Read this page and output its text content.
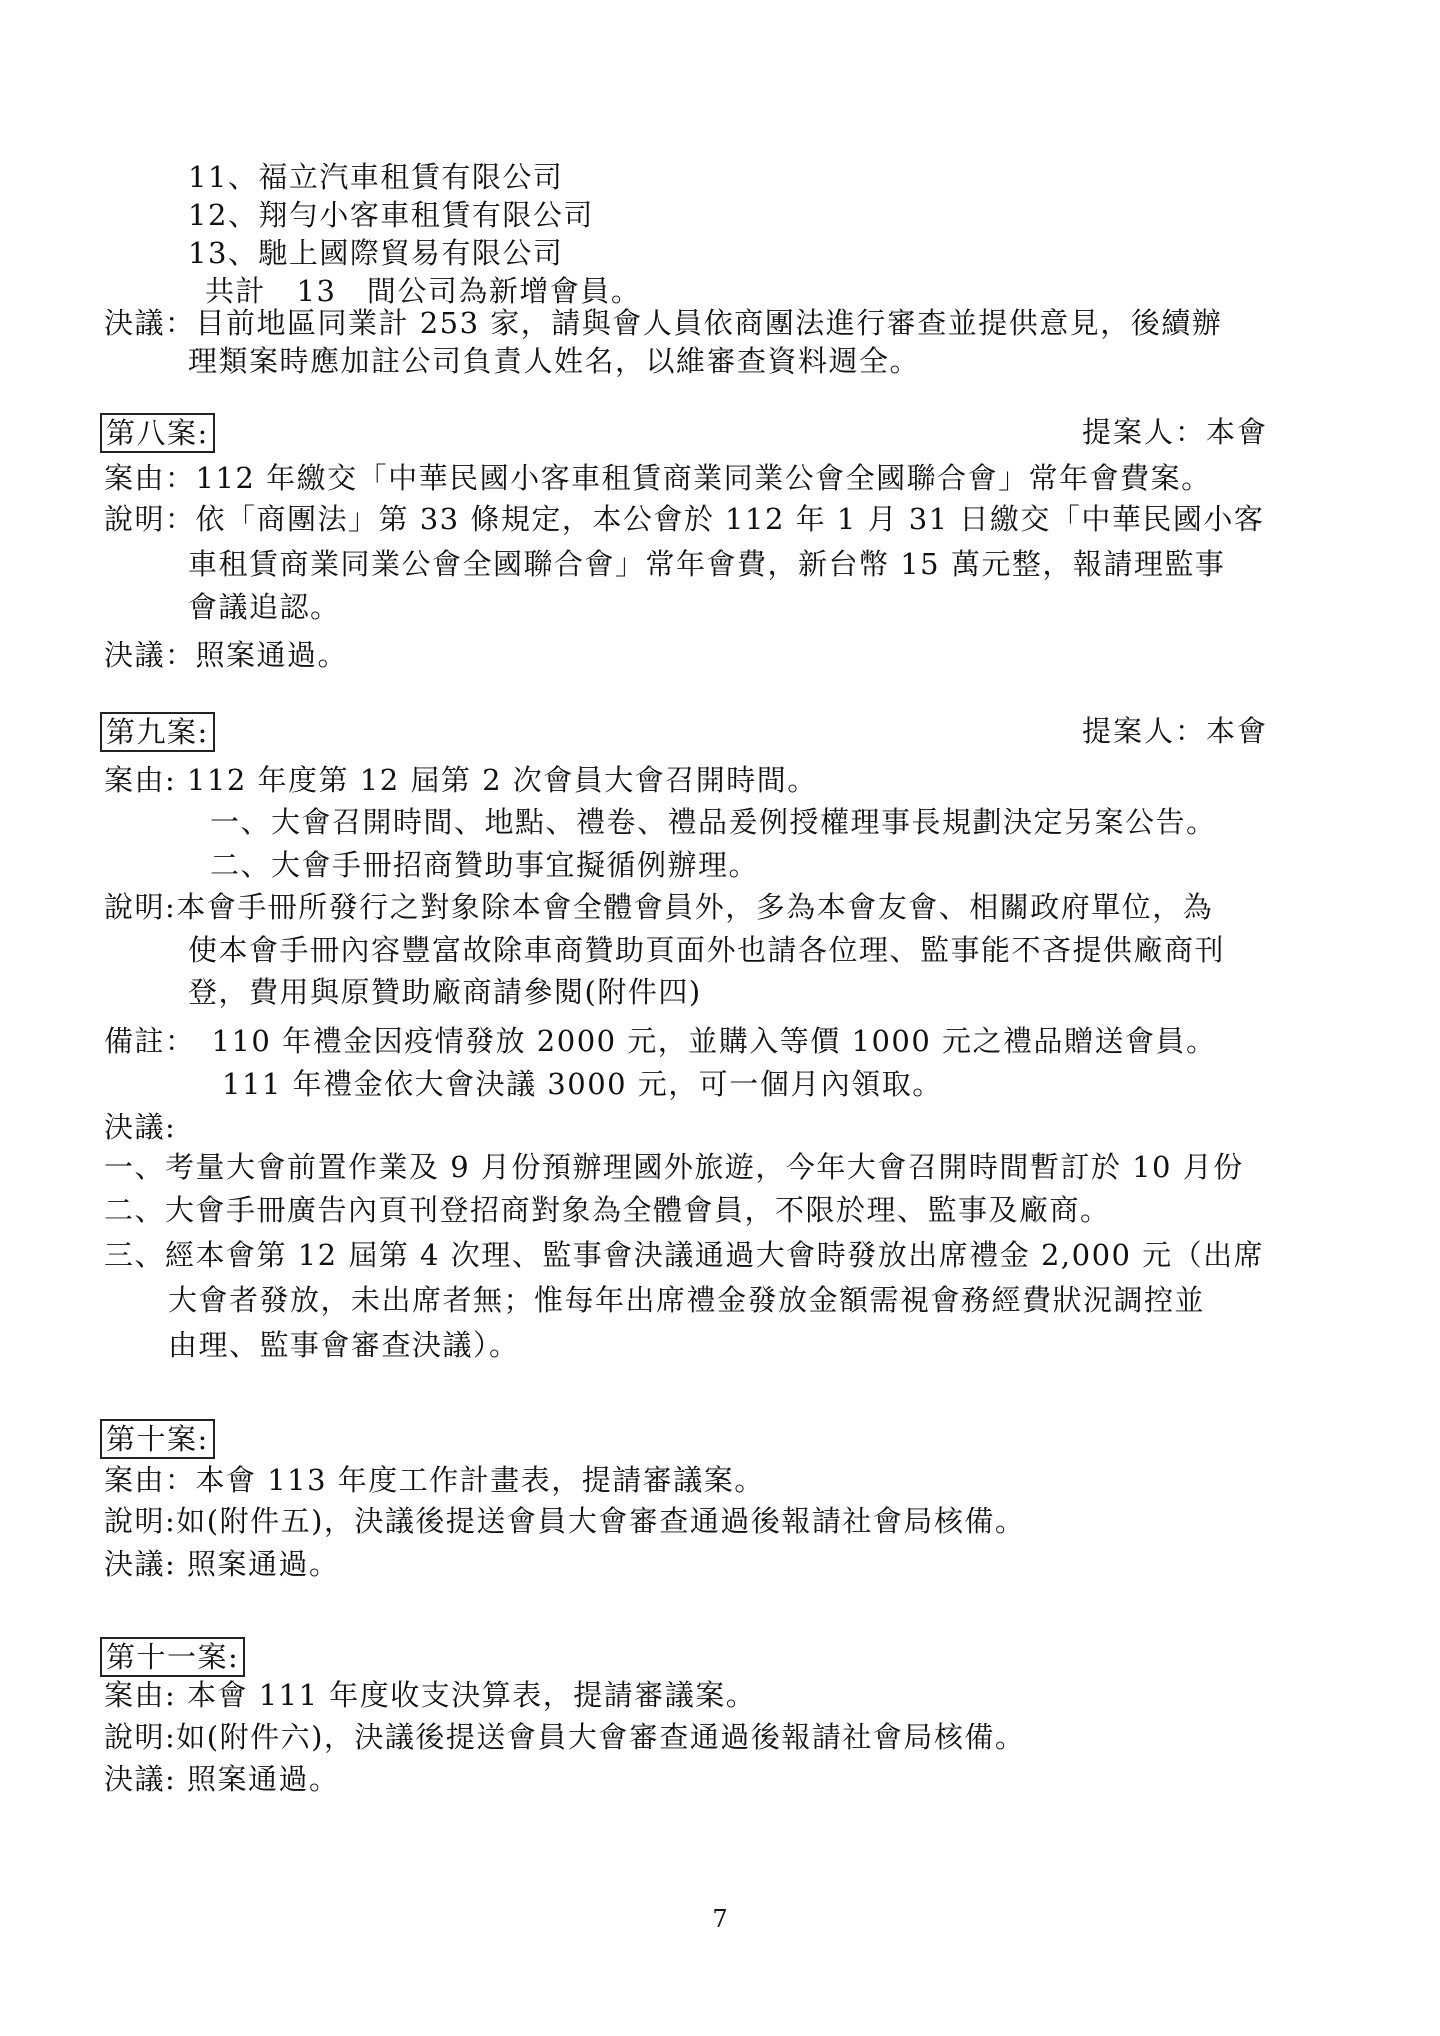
11、福立汽車租賃有限公司
12、翔勻小客車租賃有限公司
13、馳上國際貿易有限公司
共計　13　間公司為新增會員。
決議：目前地區同業計 253 家，請與會人員依商團法進行審查並提供意見，後續辦
理類案時應加註公司負責人姓名，以維審查資料週全。
第八案:	提案人：本會
案由：112 年繳交「中華民國小客車租賃商業同業公會全國聯合會」常年會費案。
說明：依「商團法」第 33 條規定，本公會於 112 年 1 月 31 日繳交「中華民國小客
車租賃商業同業公會全國聯合會」常年會費，新台幣 15 萬元整，報請理監事
會議追認。
決議：照案通過。
第九案:	提案人：本會
案由: 112 年度第 12 屆第 2 次會員大會召開時間。
一、大會召開時間、地點、禮卷、禮品爰例授權理事長規劃決定另案公告。
二、大會手冊招商贊助事宜擬循例辦理。
說明:本會手冊所發行之對象除本會全體會員外，多為本會友會、相關政府單位，為
使本會手冊內容豐富故除車商贊助頁面外也請各位理、監事能不吝提供廠商刊
登，費用與原贊助廠商請參閱(附件四)
備註：　110 年禮金因疫情發放 2000 元，並購入等價 1000 元之禮品贈送會員。
111 年禮金依大會決議 3000 元，可一個月內領取。
決議:
一、考量大會前置作業及 9 月份預辦理國外旅遊，今年大會召開時間暫訂於 10 月份
二、大會手冊廣告內頁刊登招商對象為全體會員，不限於理、監事及廠商。
三、經本會第 12 屆第 4 次理、監事會決議通過大會時發放出席禮金 2,000 元（出席
大會者發放，未出席者無；惟每年出席禮金發放金額需視會務經費狀況調控並
由理、監事會審查決議）。
第十案:
案由：本會 113 年度工作計畫表，提請審議案。
說明:如(附件五)，決議後提送會員大會審查通過後報請社會局核備。
決議: 照案通過。
第十一案:
案由: 本會 111 年度收支決算表，提請審議案。
說明:如(附件六)，決議後提送會員大會審查通過後報請社會局核備。
決議: 照案通過。
7
